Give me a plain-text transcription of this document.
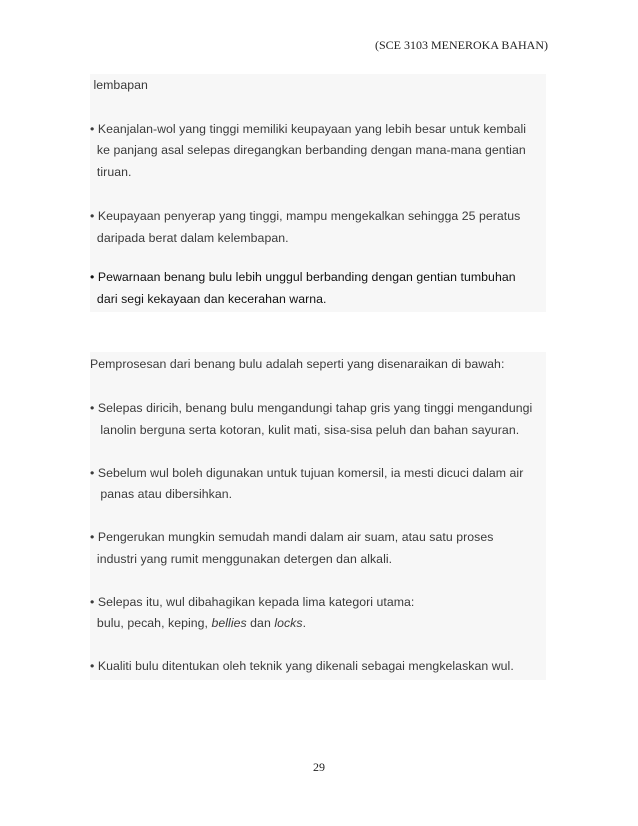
(SCE 3103 MENEROKA BAHAN)
lembapan
• Keanjalan-wol yang tinggi memiliki keupayaan yang lebih besar untuk kembali
ke panjang asal selepas diregangkan berbanding dengan mana-mana gentian
tiruan.
• Keupayaan penyerap yang tinggi, mampu mengekalkan sehingga 25 peratus
daripada berat dalam kelembapan.
• Pewarnaan benang bulu lebih unggul berbanding dengan gentian tumbuhan
dari segi kekayaan dan kecerahan warna.
Pemprosesan dari benang bulu adalah seperti yang disenaraikan di bawah:
• Selepas diricih, benang bulu mengandungi tahap gris yang tinggi mengandungi
lanolin berguna serta kotoran, kulit mati, sisa-sisa peluh dan bahan sayuran.
• Sebelum wul boleh digunakan untuk tujuan komersil, ia mesti dicuci dalam air
panas atau dibersihkan.
• Pengerukan mungkin semudah mandi dalam air suam, atau satu proses
industri yang rumit menggunakan detergen dan alkali.
• Selepas itu, wul dibahagikan kepada lima kategori utama:
bulu, pecah, keping, bellies dan locks.
• Kualiti bulu ditentukan oleh teknik yang dikenali sebagai mengkelaskan wul.
29
